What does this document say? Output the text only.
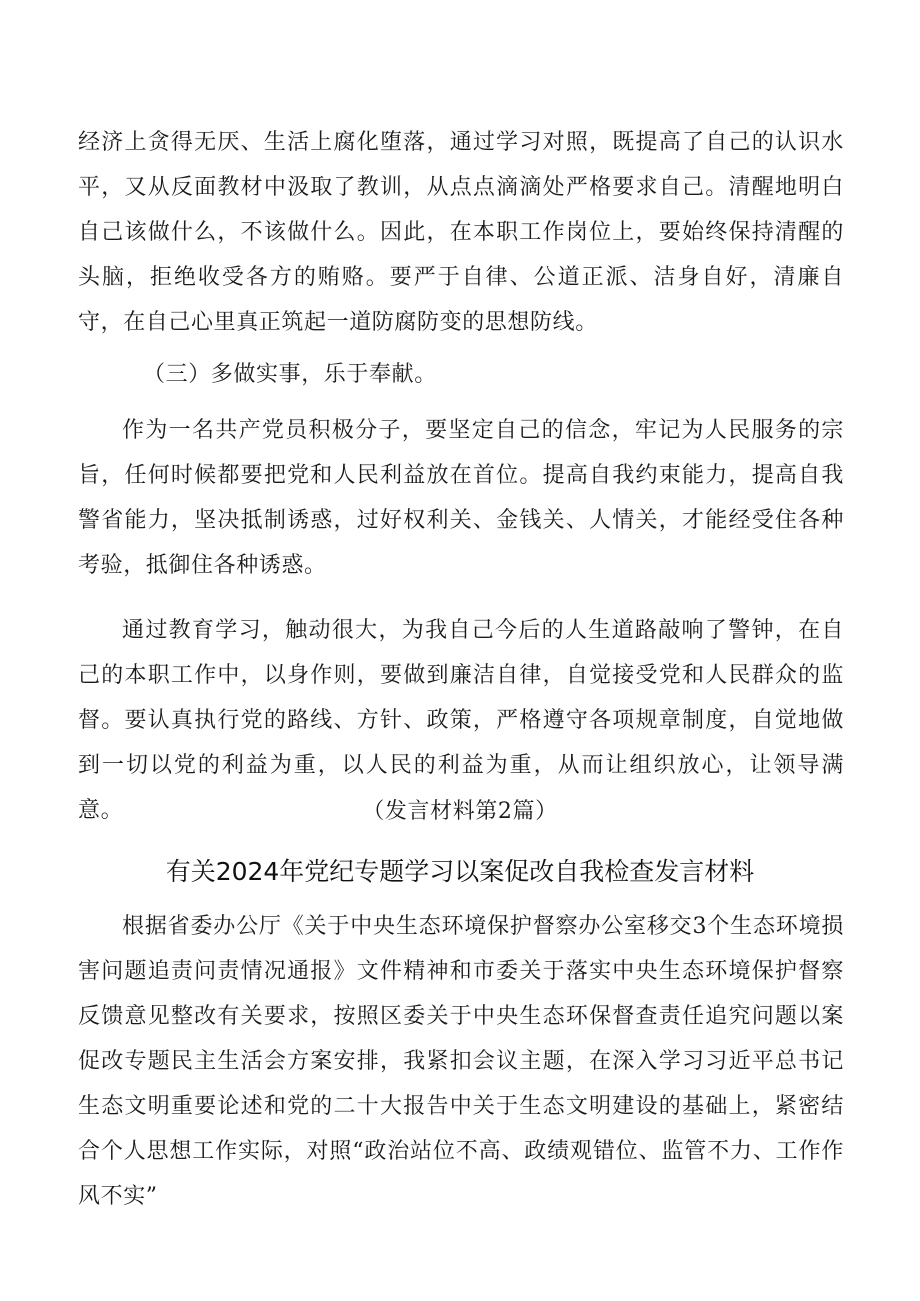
经济上贪得无厌、生活上腐化堕落，通过学习对照，既提高了自己的认识水平，又从反面教材中汲取了教训，从点点滴滴处严格要求自己。清醒地明白自己该做什么，不该做什么。因此，在本职工作岗位上，要始终保持清醒的头脑，拒绝收受各方的贿赂。要严于自律、公道正派、洁身自好，清廉自守，在自己心里真正筑起一道防腐防变的思想防线。
（三）多做实事，乐于奉献。
作为一名共产党员积极分子，要坚定自己的信念，牢记为人民服务的宗旨，任何时候都要把党和人民利益放在首位。提高自我约束能力，提高自我警省能力，坚决抵制诱惑，过好权利关、金钱关、人情关，才能经受住各种考验，抵御住各种诱惑。
通过教育学习，触动很大，为我自己今后的人生道路敲响了警钟，在自己的本职工作中，以身作则，要做到廉洁自律，自觉接受党和人民群众的监督。要认真执行党的路线、方针、政策，严格遵守各项规章制度，自觉地做到一切以党的利益为重，以人民的利益为重，从而让组织放心，让领导满意。	（发言材料第2篇）
有关2024年党纪专题学习以案促改自我检查发言材料
根据省委办公厅《关于中央生态环境保护督察办公室移交3个生态环境损害问题追责问责情况通报》文件精神和市委关于落实中央生态环境保护督察反馈意见整改有关要求，按照区委关于中央生态环保督查责任追究问题以案促改专题民主生活会方案安排，我紧扣会议主题，在深入学习习近平总书记生态文明重要论述和党的二十大报告中关于生态文明建设的基础上，紧密结合个人思想工作实际，对照“政治站位不高、政绩观错位、监管不力、工作作风不实”
